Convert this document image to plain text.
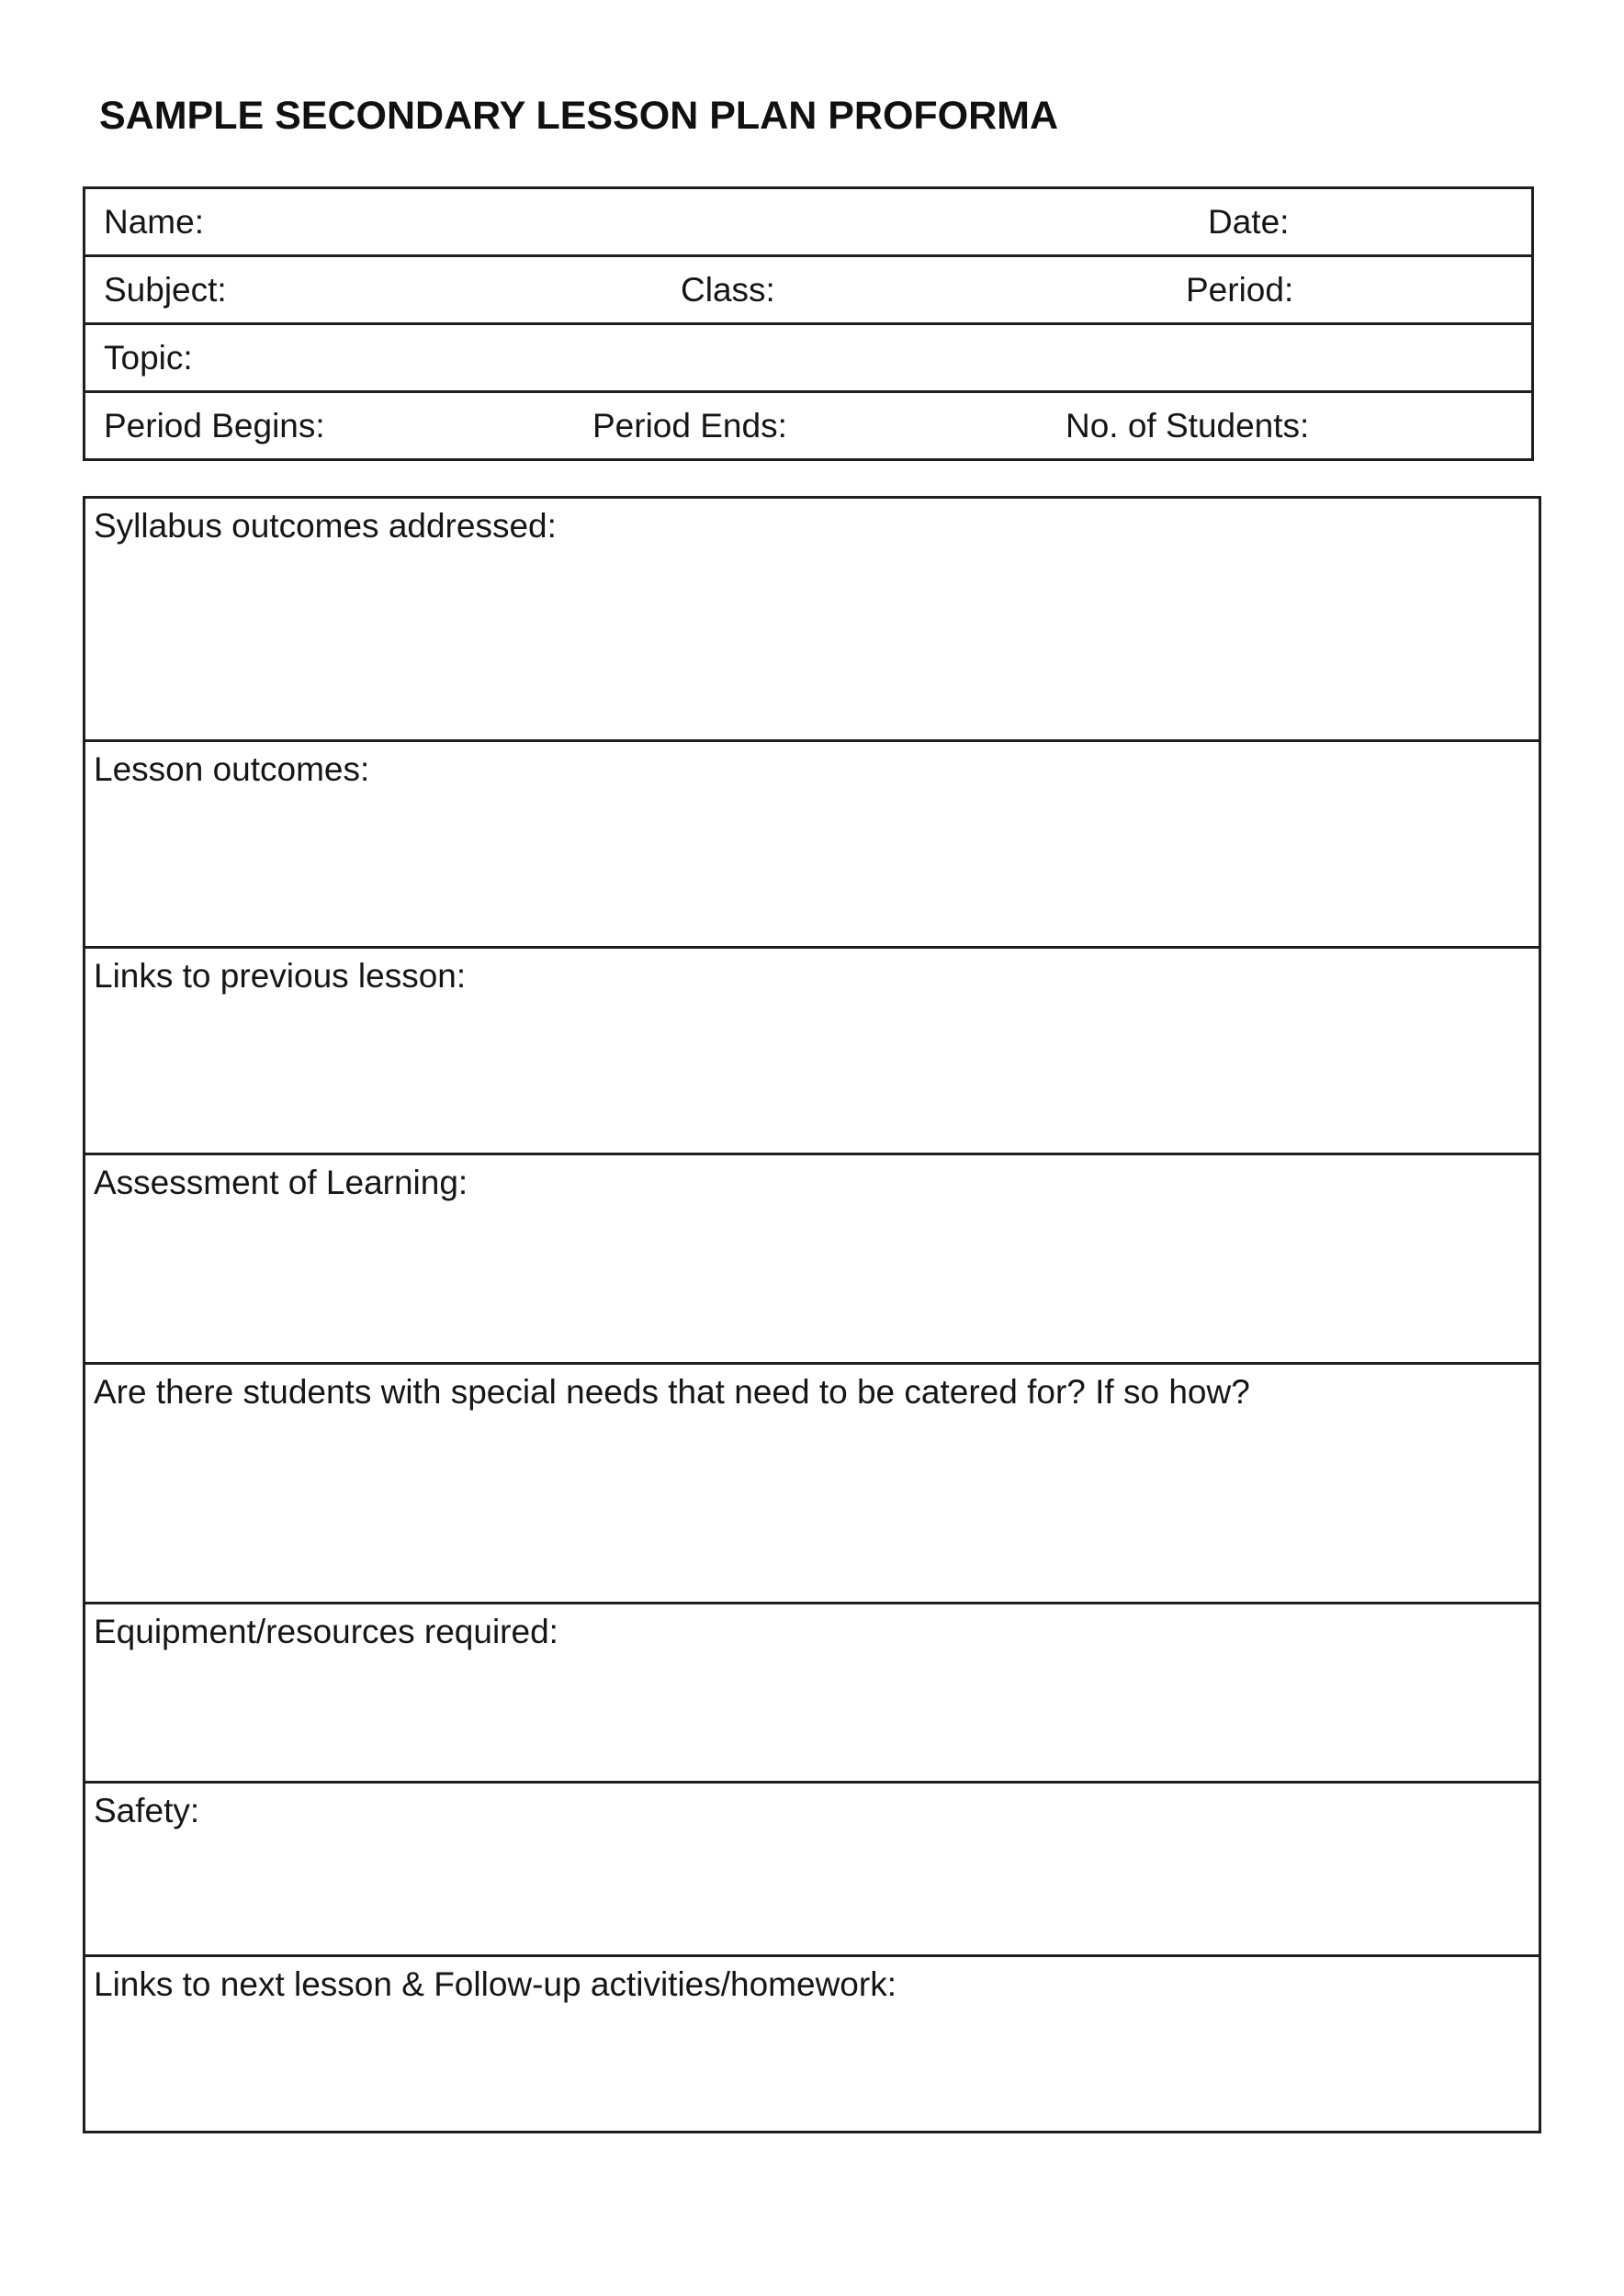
SAMPLE SECONDARY LESSON PLAN PROFORMA
Name:	Date:
Subject:	Class:	Period:
Topic:
Period Begins:	Period Ends:	No. of Students:
Syllabus outcomes addressed:
Lesson outcomes:
Links to previous lesson:
Assessment of Learning:
Are there students with special needs that need to be catered for? If so how?
Equipment/resources required:
Safety:
Links to next lesson & Follow-up activities/homework:
